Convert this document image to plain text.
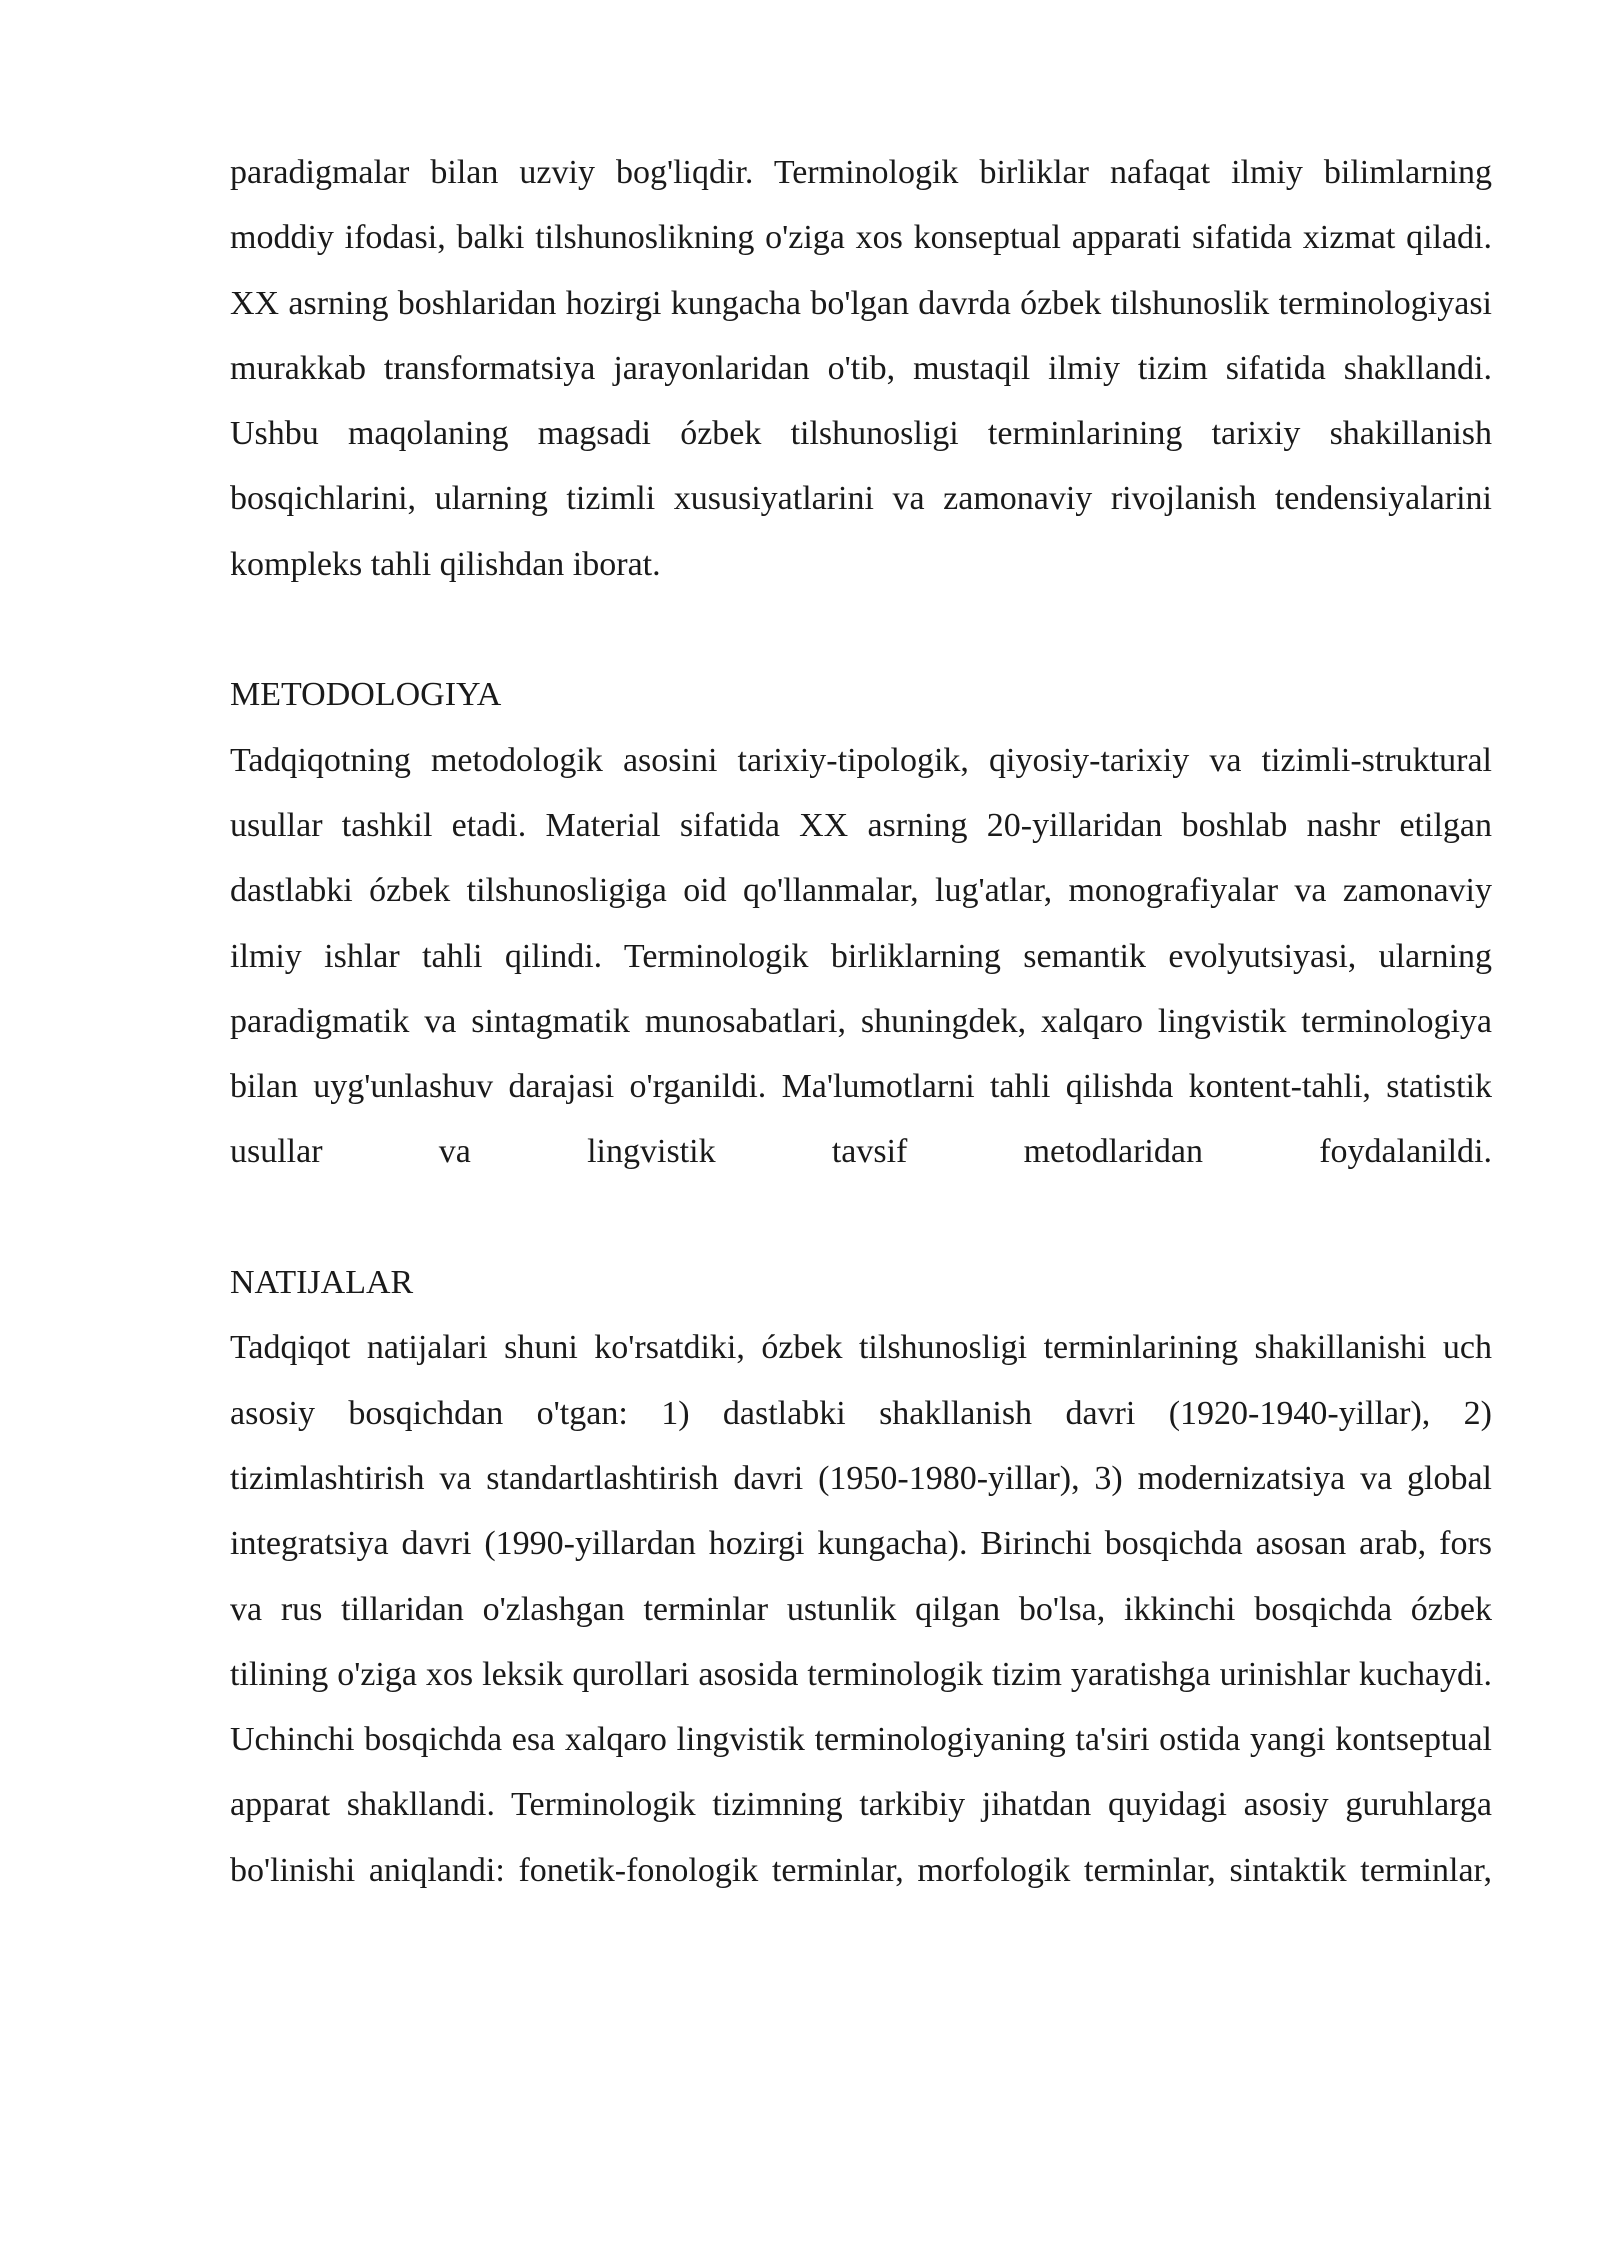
paradigmalar bilan uzviy bog'liqdir. Terminologik birliklar nafaqat ilmiy bilimlarning moddiy ifodasi, balki tilshunoslikning o'ziga xos konseptual apparati sifatida xizmat qiladi. XX asrning boshlaridan hozirgi kungacha bo'lgan davrda ózbek tilshunoslik terminologiyasi murakkab transformatsiya jarayonlaridan o'tib, mustaqil ilmiy tizim sifatida shakllandi. Ushbu maqolaning magsadi ózbek tilshunosligi terminlarining tarixiy shakillanish bosqichlarini, ularning tizimli xususiyatlarini va zamonaviy rivojlanish tendensiyalarini kompleks tahli qilishdan iborat.

METODOLOGIYA

Tadqiqotning metodologik asosini tarixiy-tipologik, qiyosiy-tarixiy va tizimli-struktural usullar tashkil etadi. Material sifatida XX asrning 20-yillaridan boshlab nashr etilgan dastlabki ózbek tilshunosligiga oid qo'llanmalar, lug'atlar, monografiyalar va zamonaviy ilmiy ishlar tahli qilindi. Terminologik birliklarning semantik evolyutsiyasi, ularning paradigmatik va sintagmatik munosabatlari, shuningdek, xalqaro lingvistik terminologiya bilan uyg'unlashuv darajasi o'rganildi. Ma'lumotlarni tahli qilishda kontent-tahli, statistik usullar va lingvistik tavsif metodlaridan foydalanildi.

NATIJALAR

Tadqiqot natijalari shuni ko'rsatdiki, ózbek tilshunosligi terminlarining shakillanishi uch asosiy bosqichdan o'tgan: 1) dastlabki shakllanish davri (1920-1940-yillar), 2) tizimlashtirish va standartlashtirish davri (1950-1980-yillar), 3) modernizatsiya va global integratsiya davri (1990-yillardan hozirgi kungacha). Birinchi bosqichda asosan arab, fors va rus tillaridan o'zlashgan terminlar ustunlik qilgan bo'lsa, ikkinchi bosqichda ózbek tilining o'ziga xos leksik qurollari asosida terminologik tizim yaratishga urinishlar kuchaydi. Uchinchi bosqichda esa xalqaro lingvistik terminologiyaning ta'siri ostida yangi kontseptual apparat shakllandi. Terminologik tizimning tarkibiy jihatdan quyidagi asosiy guruhlarga bo'linishi aniqlandi: fonetik-fonologik terminlar, morfologik terminlar, sintaktik terminlar,
